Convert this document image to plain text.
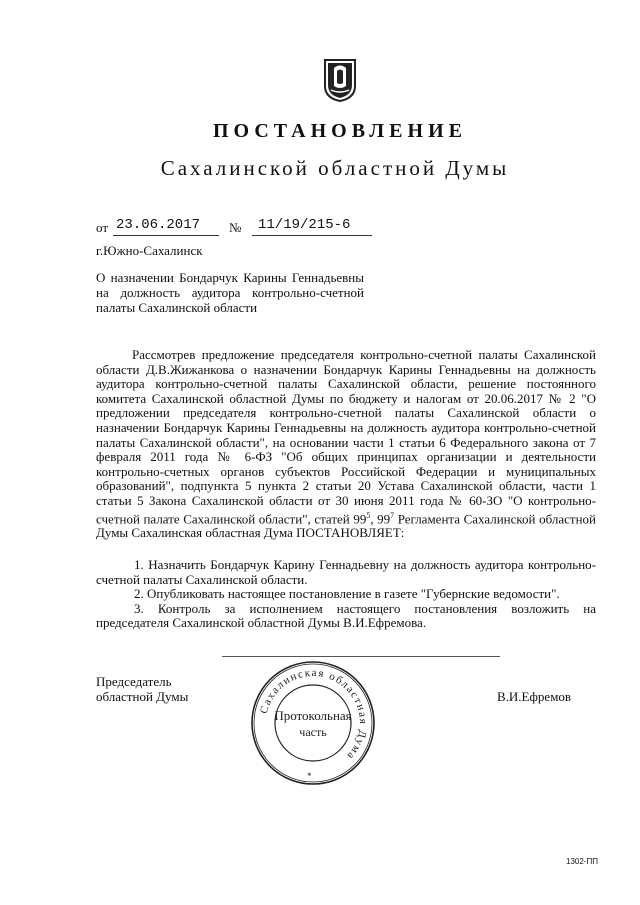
ПОСТАНОВЛЕНИЕ
Сахалинской областной Думы
от 23.06.2017 № 11/19/215-6
г.Южно-Сахалинск
О назначении Бондарчук Карины Геннадьевны
на должность аудитора контрольно-счетной
палаты Сахалинской области
Рассмотрев предложение председателя контрольно-счетной палаты Сахалинской области Д.В.Жижанкова о назначении Бондарчук Карины Геннадьевны на должность аудитора контрольно-счетной палаты Сахалинской области, решение постоянного комитета Сахалинской областной Думы по бюджету и налогам от 20.06.2017 № 2 "О предложении председателя контрольно-счетной палаты Сахалинской области о назначении Бондарчук Карины Геннадьевны на должность аудитора контрольно-счетной палаты Сахалинской области", на основании части 1 статьи 6 Федерального закона от 7 февраля 2011 года № 6-ФЗ "Об общих принципах организации и деятельности контрольно-счетных органов субъектов Российской Федерации и муниципальных образований", подпункта 5 пункта 2 статьи 20 Устава Сахалинской области, части 1 статьи 5 Закона Сахалинской области от 30 июня 2011 года № 60-ЗО "О контрольно-счетной палате Сахалинской области", статей $99^5$, $99^7$ Регламента Сахалинской областной Думы Сахалинская областная Дума ПОСТАНОВЛЯЕТ:

1. Назначить Бондарчук Карину Геннадьевну на должность аудитора контрольно-счетной палаты Сахалинской области.

2. Опубликовать настоящее постановление в газете "Губернские ведомости".

3. Контроль за исполнением настоящего постановления возложить на председателя Сахалинской областной Думы В.И.Ефремова.

Председатель
областной Думы	В.И.Ефремов
Сахалинская областная Дума
Протокольная
часть
*
1302-ПП
